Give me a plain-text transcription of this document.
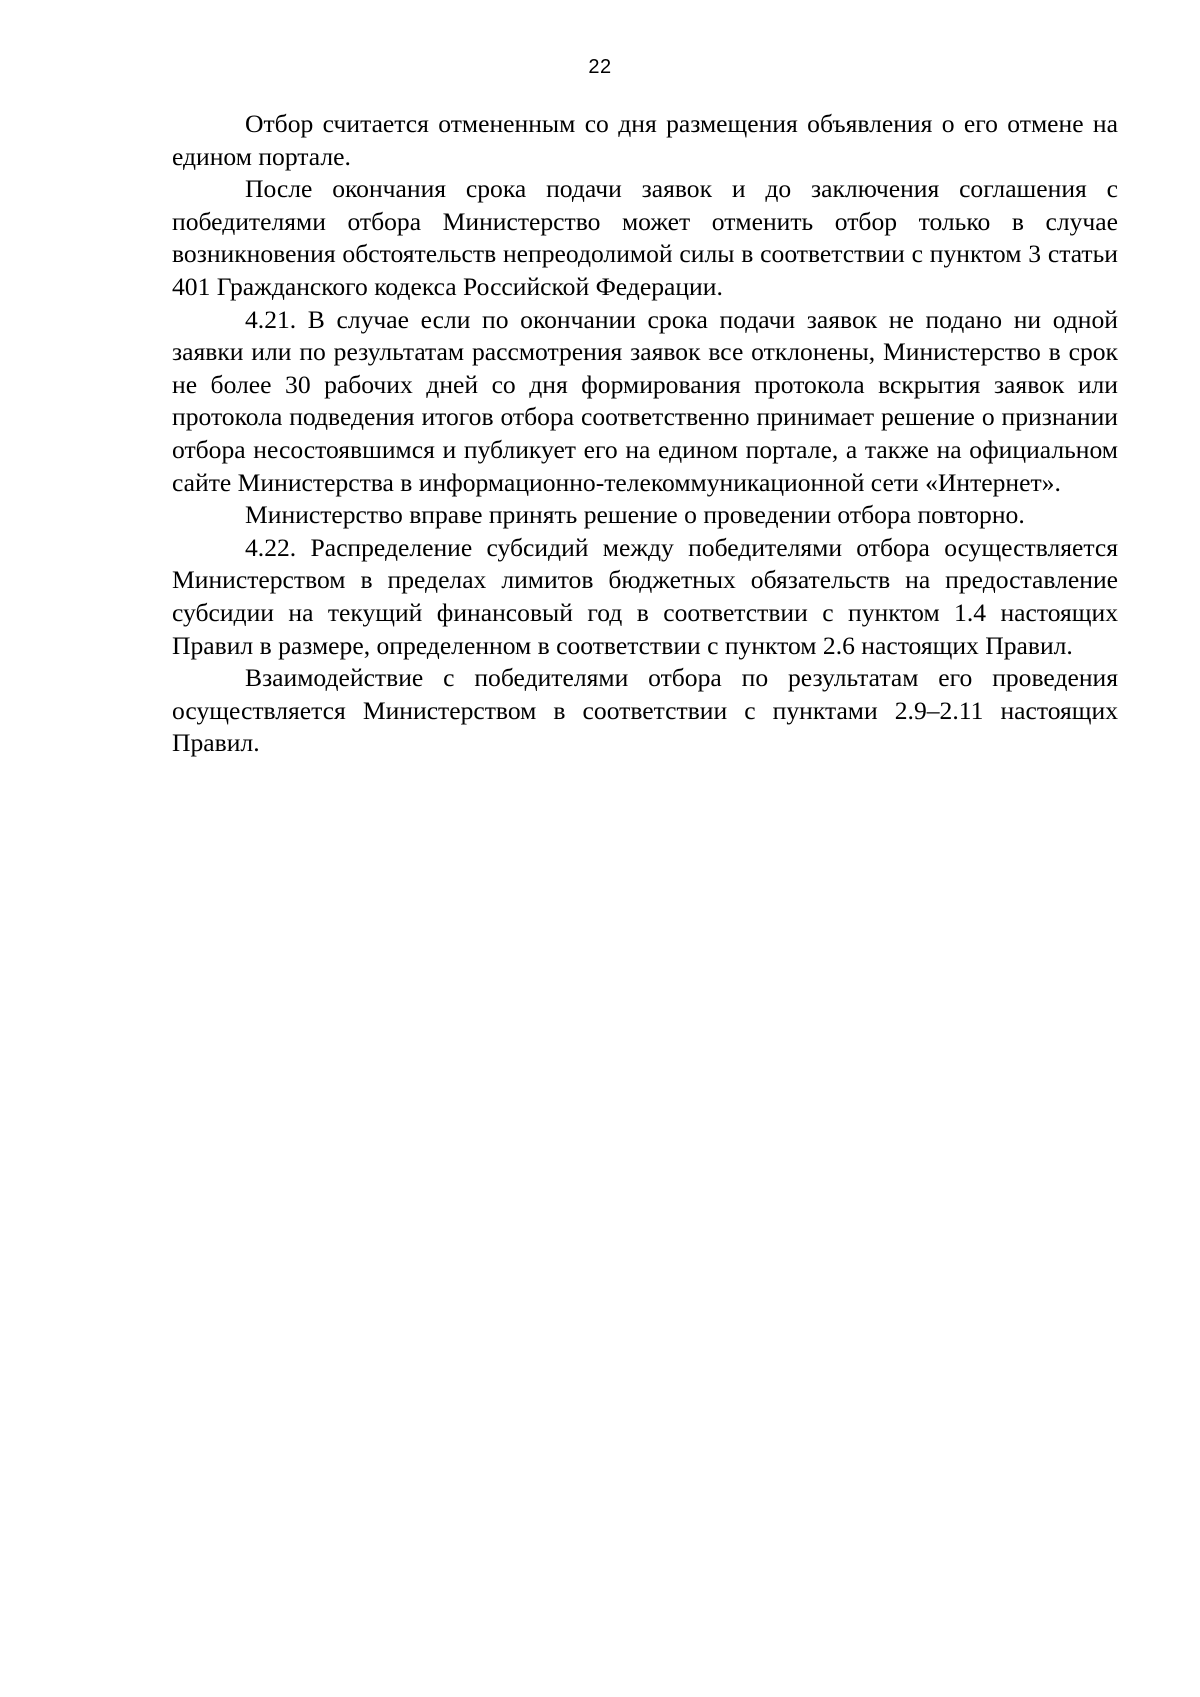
22

Отбор считается отмененным со дня размещения объявления о его отмене на едином портале.

После окончания срока подачи заявок и до заключения соглашения с победителями отбора Министерство может отменить отбор только в случае возникновения обстоятельств непреодолимой силы в соответствии с пунктом 3 статьи 401 Гражданского кодекса Российской Федерации.

4.21. В случае если по окончании срока подачи заявок не подано ни одной заявки или по результатам рассмотрения заявок все отклонены, Министерство в срок не более 30 рабочих дней со дня формирования протокола вскрытия заявок или протокола подведения итогов отбора соответственно принимает решение о признании отбора несостоявшимся и публикует его на едином портале, а также на официальном сайте Министерства в информационно-телекоммуникационной сети «Интернет».

Министерство вправе принять решение о проведении отбора повторно.

4.22. Распределение субсидий между победителями отбора осуществляется Министерством в пределах лимитов бюджетных обязательств на предоставление субсидии на текущий финансовый год в соответствии с пунктом 1.4 настоящих Правил в размере, определенном в соответствии с пунктом 2.6 настоящих Правил.

Взаимодействие с победителями отбора по результатам его проведения осуществляется Министерством в соответствии с пунктами 2.9–2.11 настоящих Правил.
